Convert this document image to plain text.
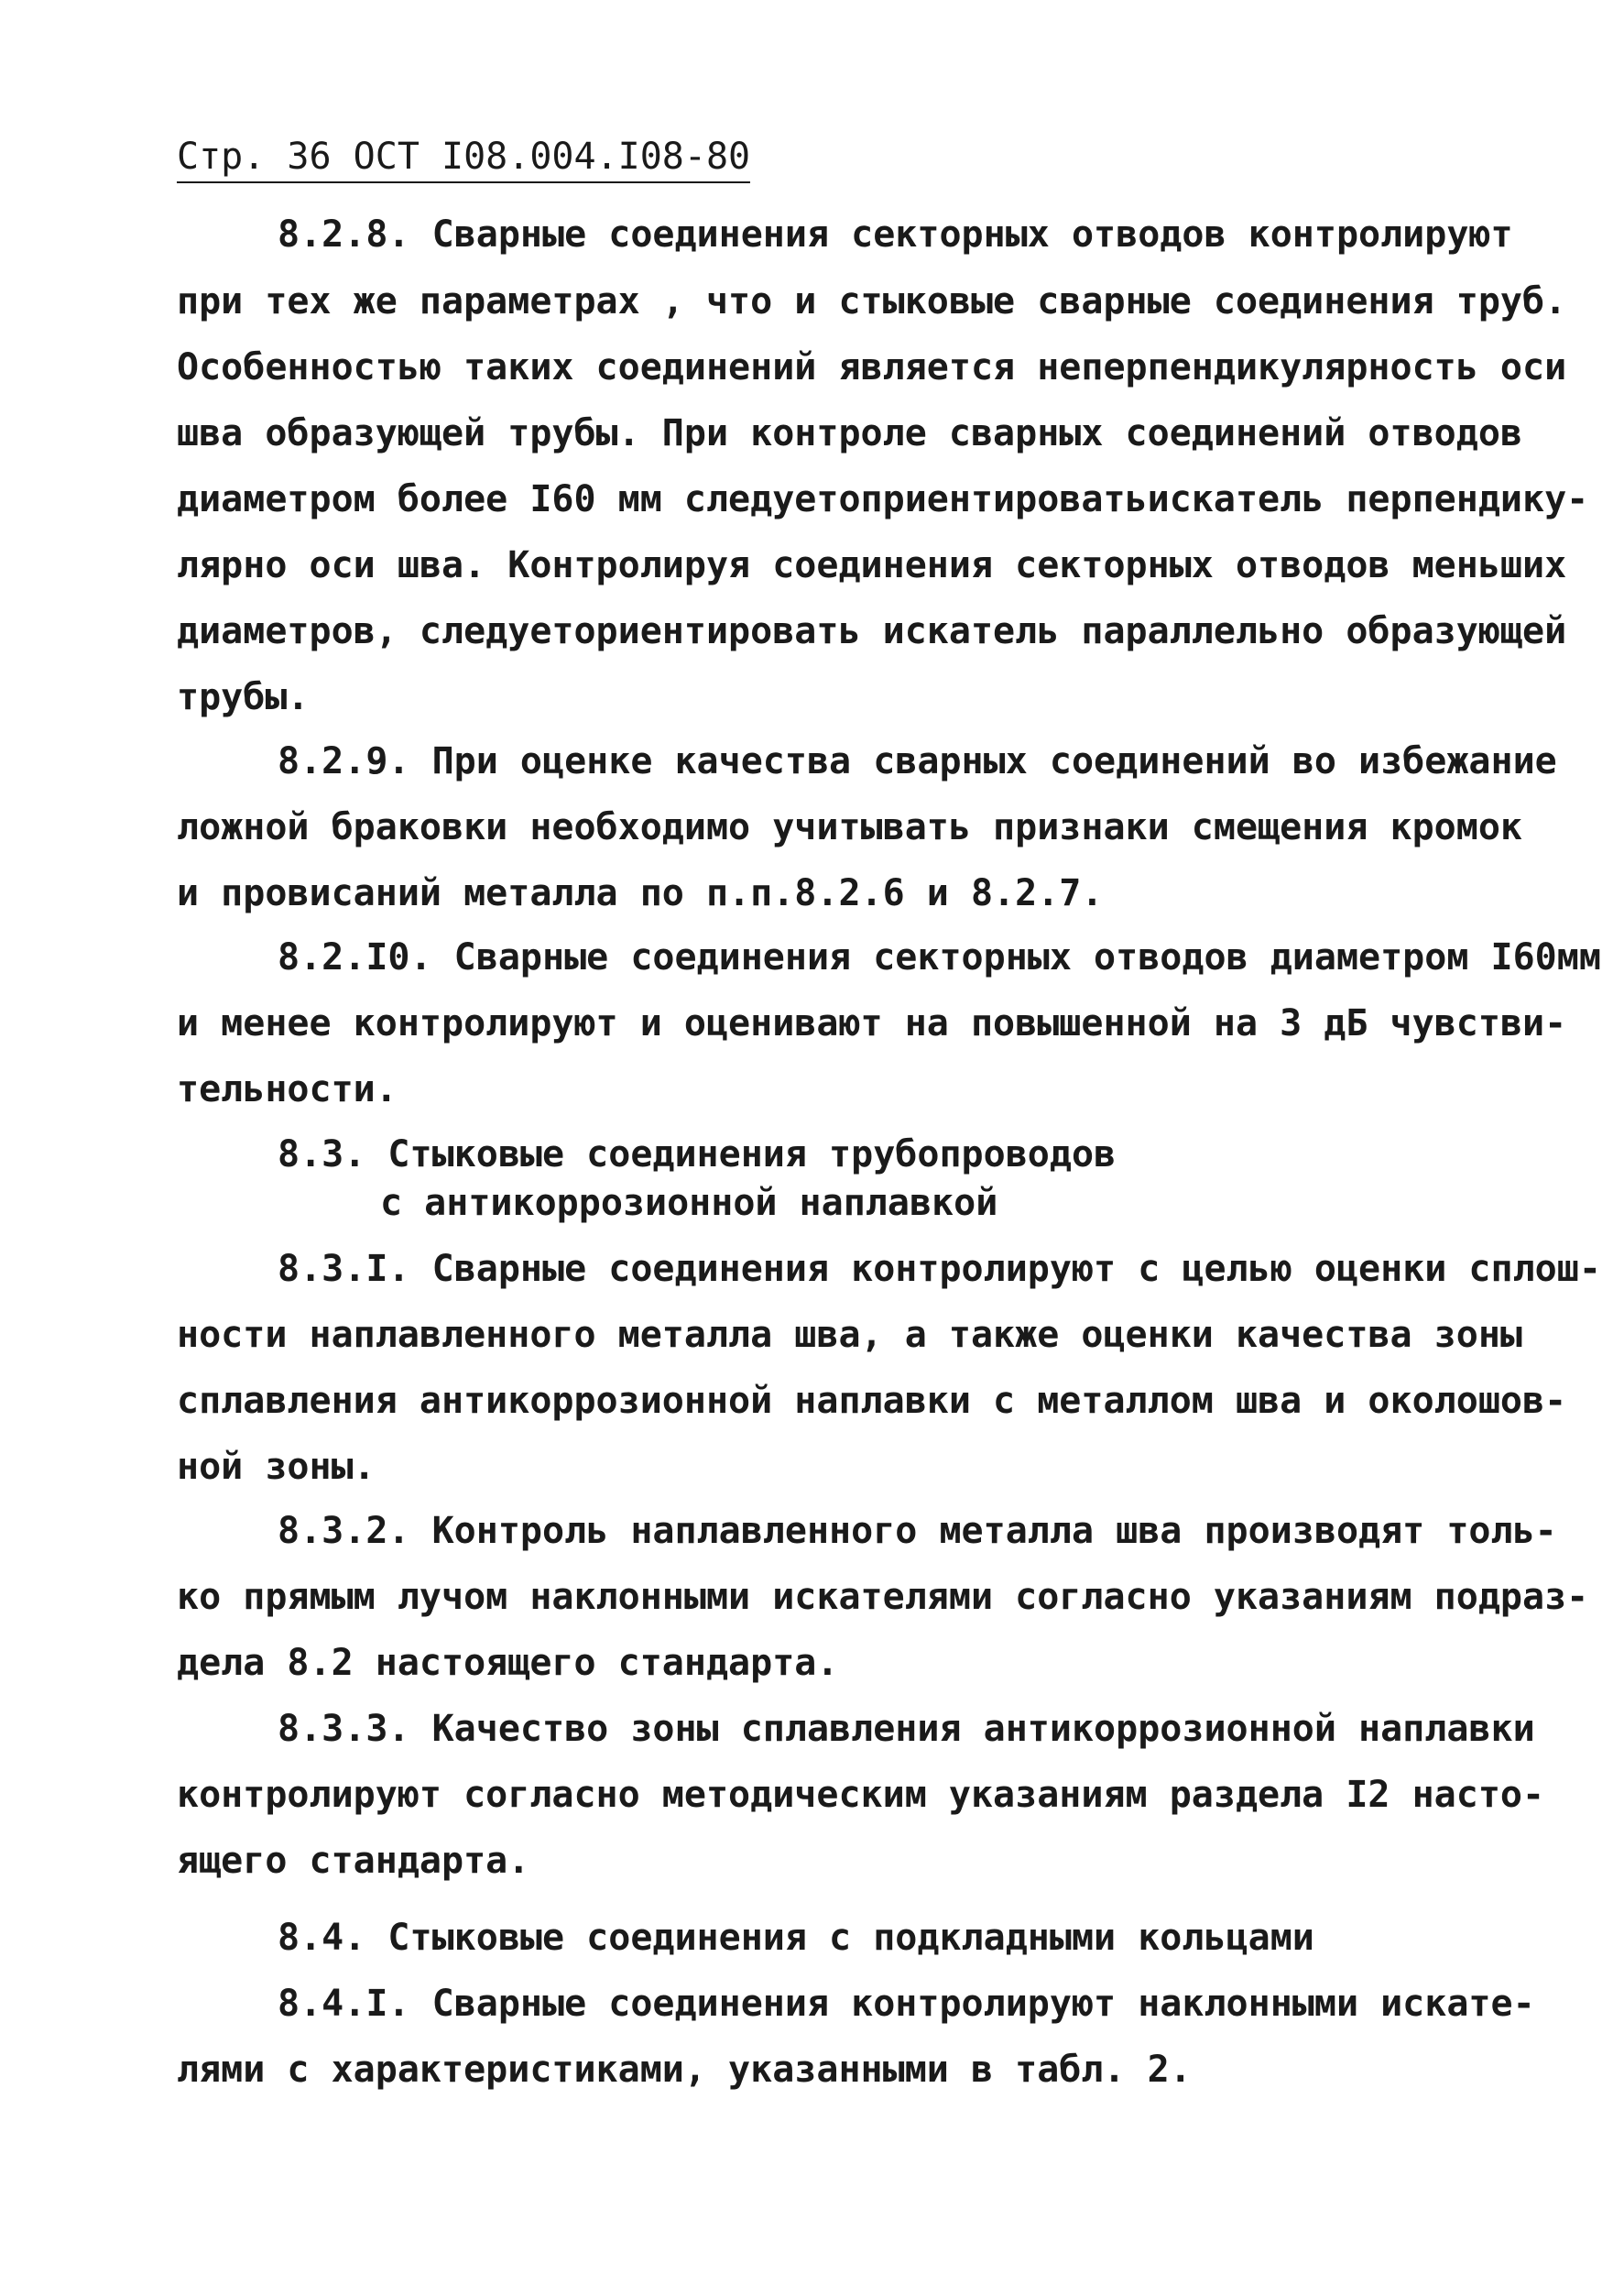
Стр. 36 ОСТ I08.004.I08-80
8.2.8. Сварные соединения секторных отводов контролируют
при тех же параметрах , что и стыковые сварные соединения труб.
Особенностью таких соединений является неперпендикулярность оси
шва образующей трубы. При контроле сварных соединений отводов
диаметром более I60 мм следуетоприентироватьискатель перпендику-
лярно оси шва. Контролируя соединения секторных отводов меньших
диаметров, следуеториентировать искатель параллельно образующей
трубы.
8.2.9. При оценке качества сварных соединений во избежание
ложной браковки необходимо учитывать признаки смещения кромок
и провисаний металла по п.п.8.2.6 и 8.2.7.
8.2.I0. Сварные соединения секторных отводов диаметром I60мм
и менее контролируют и оценивают на повышенной на 3 дБ чувстви-
тельности.
8.3. Стыковые соединения трубопроводов
с антикоррозионной наплавкой
8.3.I. Сварные соединения контролируют с целью оценки сплош-
ности наплавленного металла шва, а также оценки качества зоны
сплавления антикоррозионной наплавки с металлом шва и околошов-
ной зоны.
8.3.2. Контроль наплавленного металла шва производят толь-
ко прямым лучом наклонными искателями согласно указаниям подраз-
дела 8.2 настоящего стандарта.
8.3.3. Качество зоны сплавления антикоррозионной наплавки
контролируют согласно методическим указаниям раздела I2 насто-
ящего стандарта.
8.4. Стыковые соединения с подкладными кольцами
8.4.I. Сварные соединения контролируют наклонными искате-
лями с характеристиками, указанными в табл. 2.
